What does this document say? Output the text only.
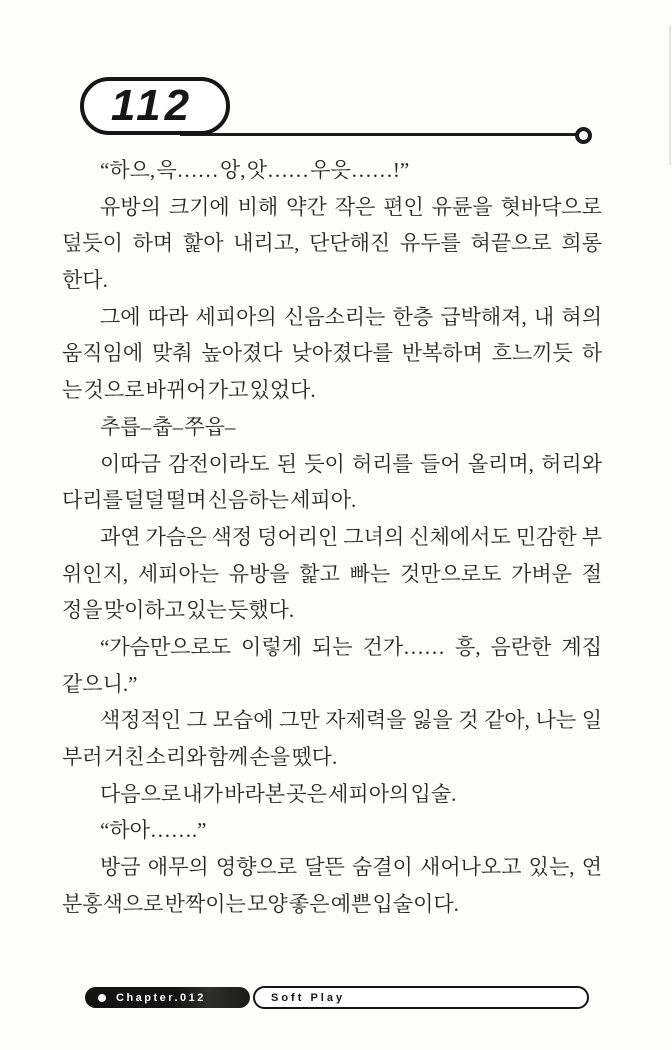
112
“하으, 윽…… 앙, 앗…… 우읏……!”
유방의 크기에 비해 약간 작은 편인 유륜을 혓바닥으로
덮듯이 하며 핥아 내리고, 단단해진 유두를 혀끝으로 희롱
한다.
그에 따라 세피아의 신음소리는 한층 급박해져, 내 혀의
움직임에 맞춰 높아졌다 낮아졌다를 반복하며 흐느끼듯 하
는 것으로 바뀌어 가고 있었다.
추릅– 춥– 쭈읍–
이따금 감전이라도 된 듯이 허리를 들어 올리며, 허리와
다리를 덜덜 떨며 신음하는 세피아.
과연 가슴은 색정 덩어리인 그녀의 신체에서도 민감한 부
위인지, 세피아는 유방을 핥고 빠는 것만으로도 가벼운 절
정을 맞이하고 있는 듯했다.
“가슴만으로도 이렇게 되는 건가…… 흥, 음란한 계집
같으니.”
색정적인 그 모습에 그만 자제력을 잃을 것 같아, 나는 일
부러 거친 소리와 함께 손을 뗐다.
다음으로 내가 바라본 곳은 세피아의 입술.
“하아…….”
방금 애무의 영향으로 달뜬 숨결이 새어나오고 있는, 연
분홍색으로 반짝이는 모양 좋은 예쁜 입술이다.
Chapter.012	Soft Play
